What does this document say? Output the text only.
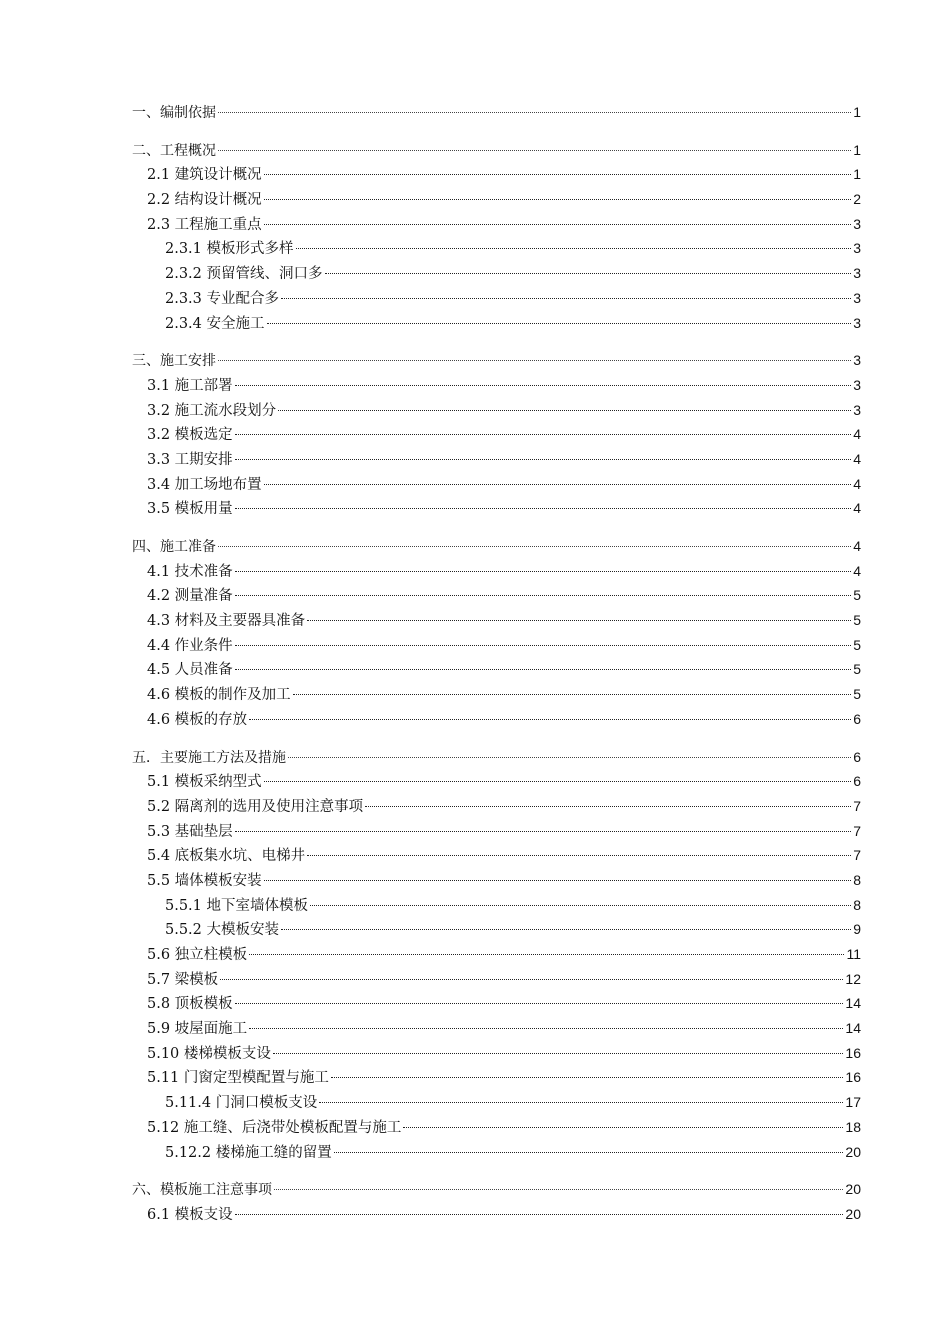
一、编制依据	1
二、工程概况	1
2.1 建筑设计概况	1
2.2 结构设计概况	2
2.3 工程施工重点	3
2.3.1 模板形式多样	3
2.3.2 预留管线、洞口多	3
2.3.3 专业配合多	3
2.3.4 安全施工	3
三、施工安排	3
3.1 施工部署	3
3.2 施工流水段划分	3
3.2 模板选定	4
3.3 工期安排	4
3.4 加工场地布置	4
3.5 模板用量	4
四、施工准备	4
4.1 技术准备	4
4.2 测量准备	5
4.3 材料及主要器具准备	5
4.4 作业条件	5
4.5 人员准备	5
4.6 模板的制作及加工	5
4.6 模板的存放	6
五．主要施工方法及措施	6
5.1 模板采纳型式	6
5.2 隔离剂的选用及使用注意事项	7
5.3 基础垫层	7
5.4 底板集水坑、电梯井	7
5.5 墙体模板安装	8
5.5.1 地下室墙体模板	8
5.5.2 大模板安装	9
5.6 独立柱模板	11
5.7 梁模板	12
5.8 顶板模板	14
5.9 坡屋面施工	14
5.10 楼梯模板支设	16
5.11 门窗定型模配置与施工	16
5.11.4 门洞口模板支设	17
5.12 施工缝、后浇带处模板配置与施工	18
5.12.2 楼梯施工缝的留置	20
六、模板施工注意事项	20
6.1 模板支设	20
